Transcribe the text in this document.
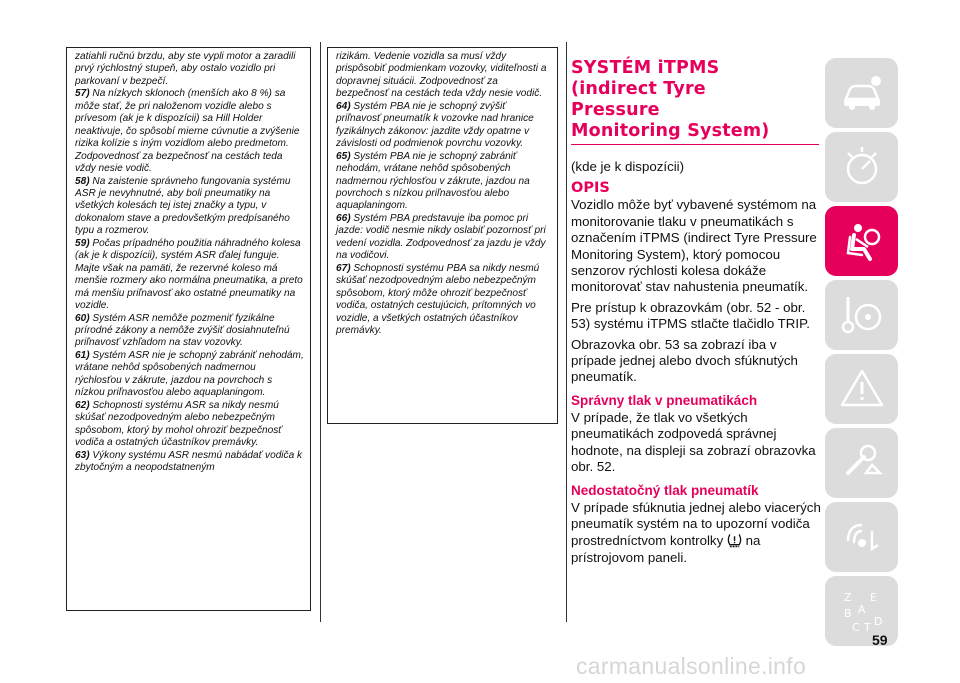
zatiahli ručnú brzdu, aby ste vypli motor a zaradili prvý rýchlostný stupeň, aby ostalo vozidlo pri parkovaní v bezpečí.

57) Na nízkych sklonoch (menších ako 8 %) sa môže stať, že pri naloženom vozidle alebo s prívesom (ak je k dispozícii) sa Hill Holder neaktivuje, čo spôsobí mierne cúvnutie a zvýšenie rizika kolízie s iným vozidlom alebo predmetom. Zodpovednosť za bezpečnosť na cestách teda vždy nesie vodič.

58) Na zaistenie správneho fungovania systému ASR je nevyhnutné, aby boli pneumatiky na všetkých kolesách tej istej značky a typu, v dokonalom stave a predovšetkým predpísaného typu a rozmerov.

59) Počas prípadného použitia náhradného kolesa (ak je k dispozícii), systém ASR ďalej funguje. Majte však na pamäti, že rezervné koleso má menšie rozmery ako normálna pneumatika, a preto má menšiu priľnavosť ako ostatné pneumatiky na vozidle.

60) Systém ASR nemôže pozmeniť fyzikálne prírodné zákony a nemôže zvýšiť dosiahnuteľnú priľnavosť vzhľadom na stav vozovky.

61) Systém ASR nie je schopný zabrániť nehodám, vrátane nehôd spôsobených nadmernou rýchlosťou v zákrute, jazdou na povrchoch s nízkou priľnavosťou alebo aquaplaningom.

62) Schopnosti systému ASR sa nikdy nesmú skúšať nezodpovedným alebo nebezpečným spôsobom, ktorý by mohol ohroziť bezpečnosť vodiča a ostatných účastníkov premávky.

63) Výkony systému ASR nesmú nabádať vodiča k zbytočným a neopodstatneným

rizikám. Vedenie vozidla sa musí vždy prispôsobiť podmienkam vozovky, viditeľnosti a dopravnej situácii. Zodpovednosť za bezpečnosť na cestách teda vždy nesie vodič.

64) Systém PBA nie je schopný zvýšiť priľnavosť pneumatík k vozovke nad hranice fyzikálnych zákonov: jazdite vždy opatrne v závislosti od podmienok povrchu vozovky.

65) Systém PBA nie je schopný zabrániť nehodám, vrátane nehôd spôsobených nadmernou rýchlosťou v zákrute, jazdou na povrchoch s nízkou priľnavosťou alebo aquaplaningom.

66) Systém PBA predstavuje iba pomoc pri jazde: vodič nesmie nikdy oslabiť pozornosť pri vedení vozidla. Zodpovednosť za jazdu je vždy na vodičovi.

67) Schopnosti systému PBA sa nikdy nesmú skúšať nezodpovedným alebo nebezpečným spôsobom, ktorý môže ohroziť bezpečnosť vodiča, ostatných cestujúcich, prítomných vo vozidle, a všetkých ostatných účastníkov premávky.

SYSTÉM iTPMS
(indirect Tyre
Pressure
Monitoring System)

(kde je k dispozícii)

OPIS

Vozidlo môže byť vybavené systémom na monitorovanie tlaku v pneumatikách s označením iTPMS (indirect Tyre Pressure Monitoring System), ktorý pomocou senzorov rýchlosti kolesa dokáže monitorovať stav nahustenia pneumatík.

Pre prístup k obrazovkám (obr. 52 - obr. 53) systému iTPMS stlačte tlačidlo TRIP.

Obrazovka obr. 53 sa zobrazí iba v prípade jednej alebo dvoch sfúknutých pneumatík.

Správny tlak v pneumatikách

V prípade, že tlak vo všetkých pneumatikách zodpovedá správnej hodnote, na displeji sa zobrazí obrazovka obr. 52.

Nedostatočný tlak pneumatík

V prípade sfúknutia jednej alebo viacerých pneumatík systém na to upozorní vodiča prostredníctvom kontrolky  na prístrojovom paneli.

Z E
B
C D
T
A
59
carmanualsonline.info
